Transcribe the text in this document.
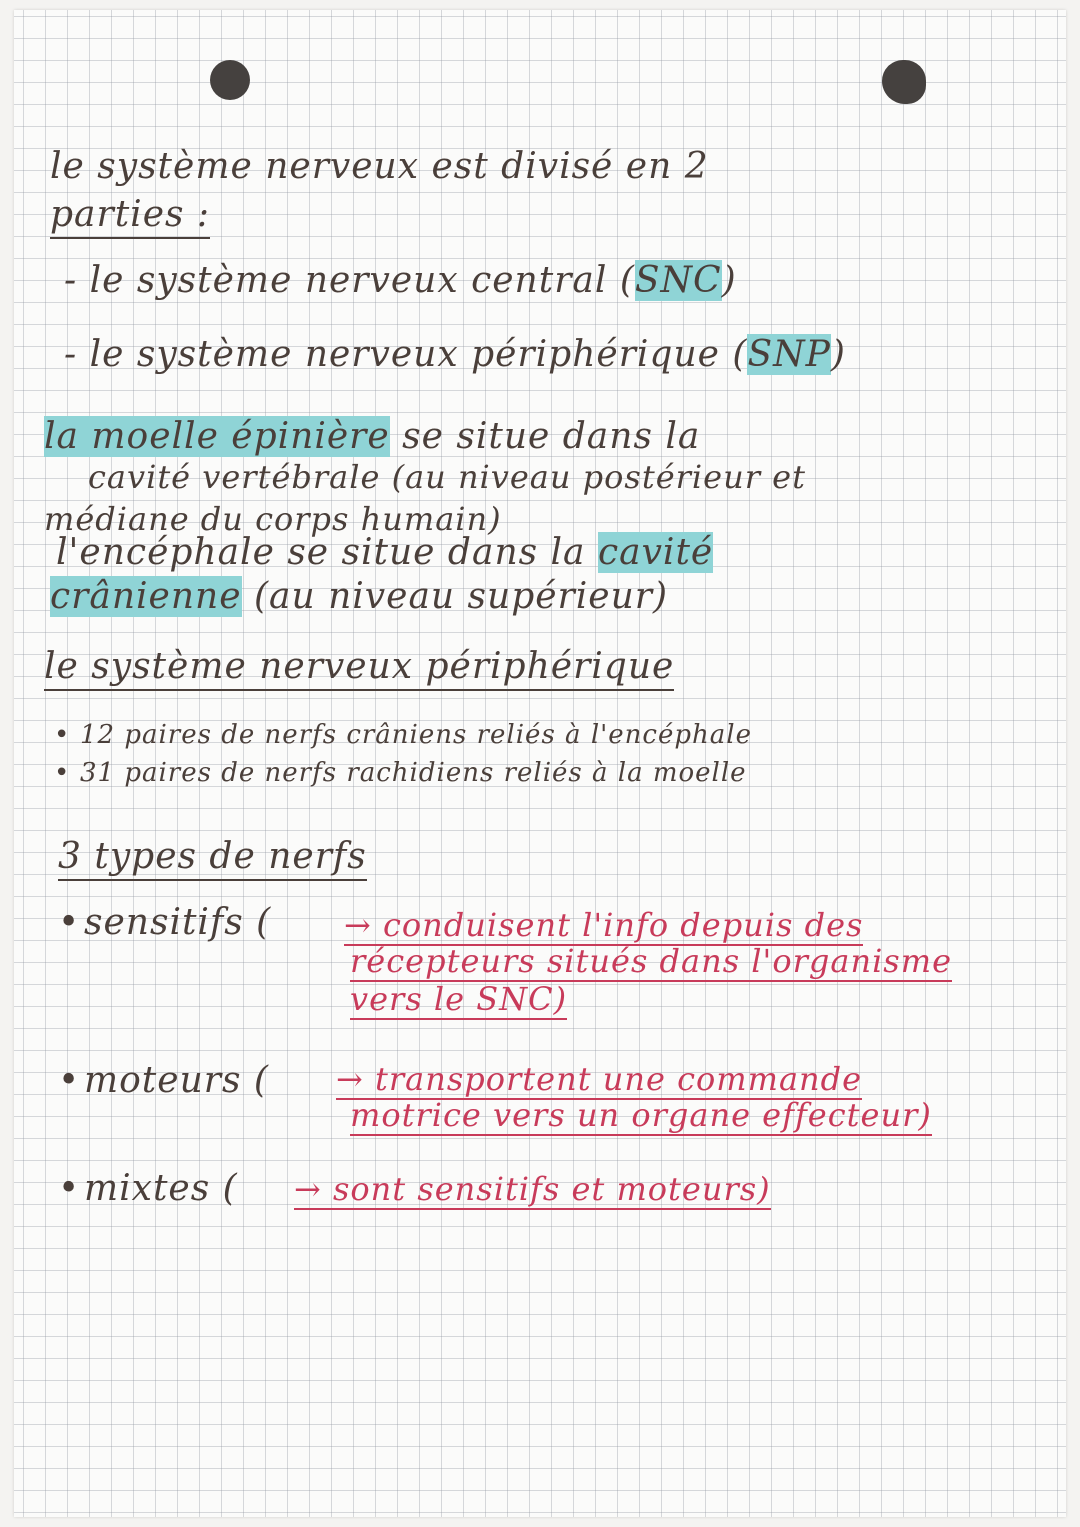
le système nerveux est divisé en 2
parties :
- le système nerveux central (SNC)
- le système nerveux périphérique (SNP)
la moelle épinière se situe dans la
cavité vertébrale (au niveau postérieur et
médiane du corps humain)
l'encéphale se situe dans la cavité
crânienne (au niveau supérieur)
le système nerveux périphérique
• 12 paires de nerfs crâniens reliés à l'encéphale
• 31 paires de nerfs rachidiens reliés à la moelle
3 types de nerfs
• sensitifs ( → conduisent l'info depuis des
récepteurs situés dans l'organisme
vers le SNC)
• moteurs ( → transportent une commande
motrice vers un organe effecteur)
• mixtes ( → sont sensitifs et moteurs)
